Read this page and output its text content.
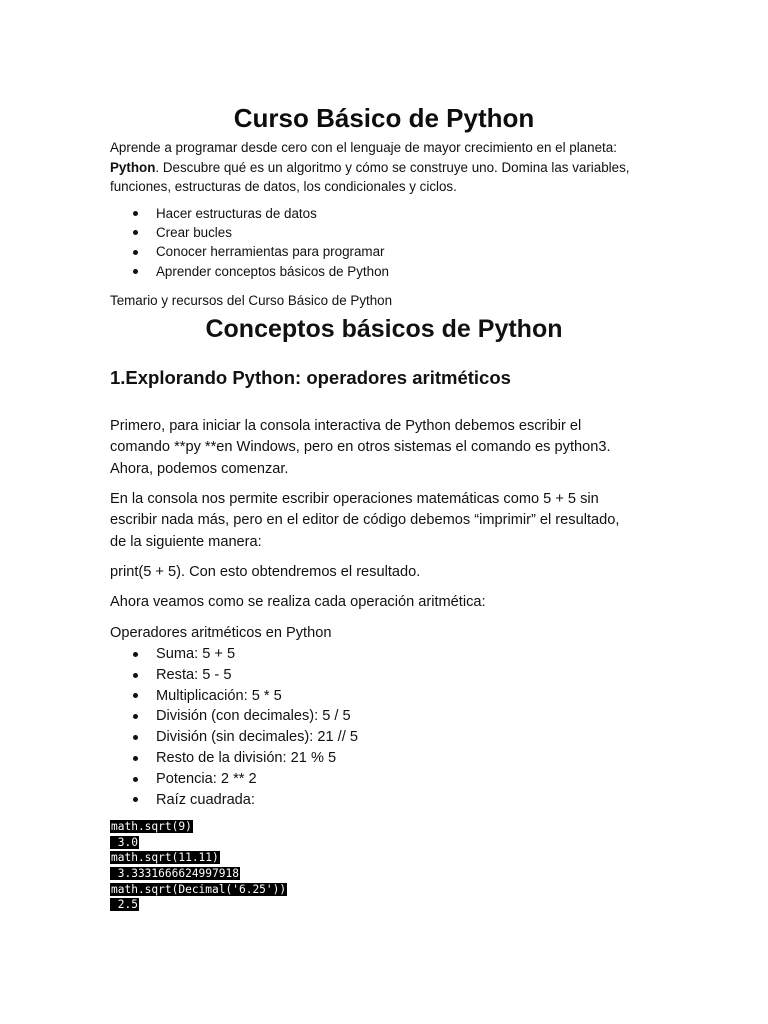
Curso Básico de Python

Aprende a programar desde cero con el lenguaje de mayor crecimiento en el planeta:
Python. Descubre qué es un algoritmo y cómo se construye uno. Domina las variables,
funciones, estructuras de datos, los condicionales y ciclos.

Hacer estructuras de datos
Crear bucles
Conocer herramientas para programar
Aprender conceptos básicos de Python

Temario y recursos del Curso Básico de Python

Conceptos básicos de Python
1.Explorando Python: operadores aritméticos

Primero, para iniciar la consola interactiva de Python debemos escribir el
comando **py **en Windows, pero en otros sistemas el comando es python3.
Ahora, podemos comenzar.

En la consola nos permite escribir operaciones matemáticas como 5 + 5 sin
escribir nada más, pero en el editor de código debemos “imprimir” el resultado,
de la siguiente manera:

print(5 + 5). Con esto obtendremos el resultado.

Ahora veamos como se realiza cada operación aritmética:

Operadores aritméticos en Python

Suma: 5 + 5
Resta: 5 - 5
Multiplicación: 5 * 5
División (con decimales): 5 / 5
División (sin decimales): 21 // 5
Resto de la división: 21 % 5
Potencia: 2 ** 2
Raíz cuadrada:
math.sqrt(9)
3.0
math.sqrt(11.11)
3.3331666624997918
math.sqrt(Decimal('6.25'))
2.5
